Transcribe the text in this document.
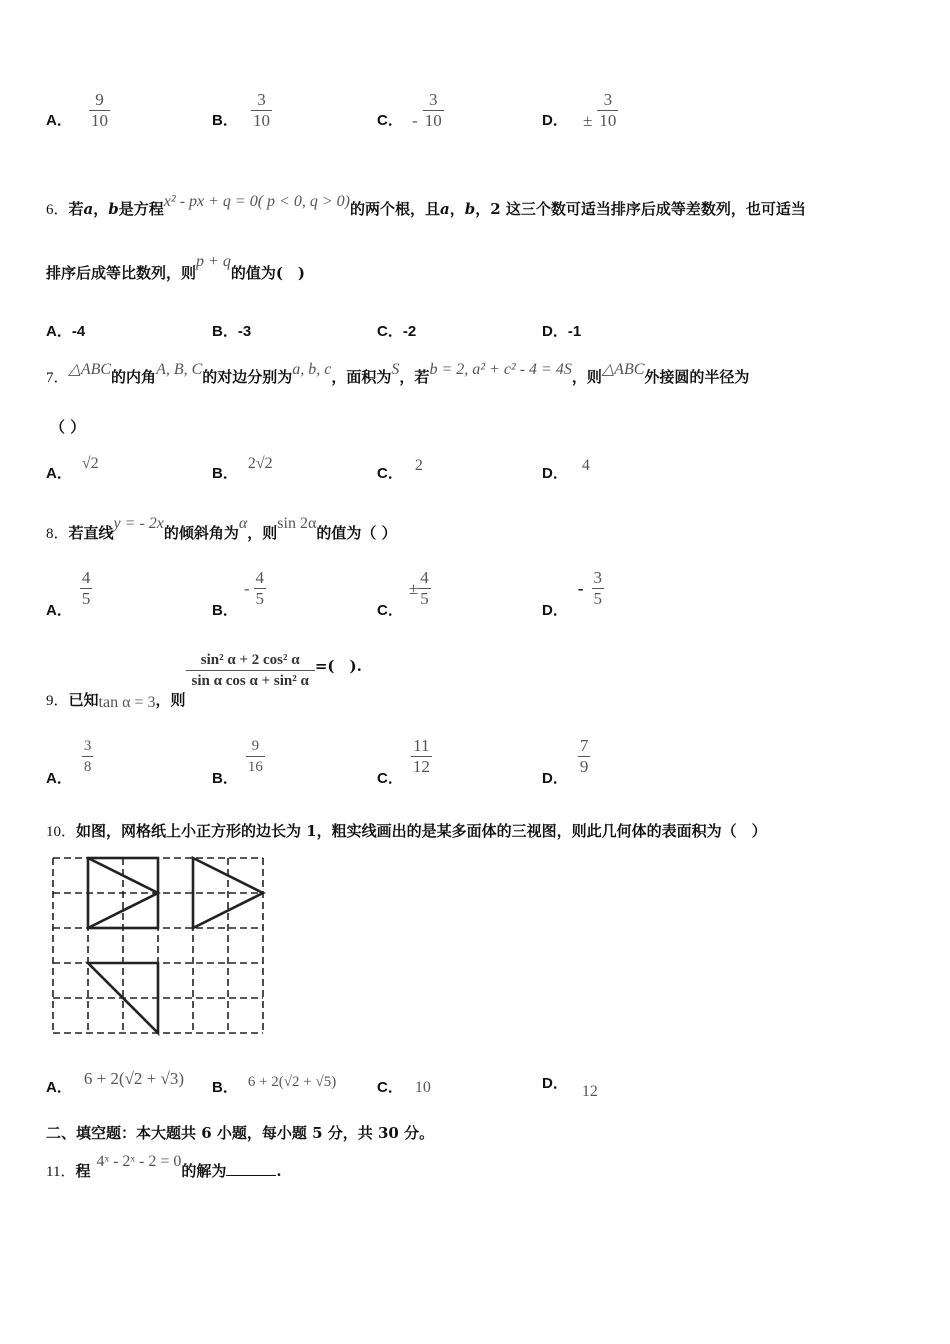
A． $\frac{9}{10}$	B． $\frac{3}{10}$	C． - $\frac{3}{10}$	D． ± $\frac{3}{10}$
6．若a，b是方程x² - px + q = 0( p < 0, q > 0)的两个根，且a，b，2 这三个数可适当排序后成等差数列，也可适当
排序后成等比数列，则p + q的值为(　)
A．-4	B．-3	C．-2	D．-1
7．△ABC的内角A, B, C的对边分别为a, b, c，面积为S，若b = 2, a² + c² - 4 = 4S，则△ABC外接圆的半径为
（ ）
A．√2
B．2√2
C． 2	D． 4
8．若直线y = - 2x的倾斜角为α，则sin 2α的值为（ ）
A．
$\frac{4}{5}$
B．- $\frac{4}{5}$
C．± $\frac{4}{5}$
D．- $\frac{3}{5}$
9．已知tan α = 3，则
$\frac{\text{sin² α + 2 cos² α}}{\text{sin α cos α + sin² α}}$ =(　).
A．
$\frac{3}{8}$
B．
$\frac{9}{16}$
C．
$\frac{11}{12}$
D．
$\frac{7}{9}$
10．如图，网格纸上小正方形的边长为 1，粗实线画出的是某多面体的三视图，则此几何体的表面积为（　）
A． 6 + 2(√2 + √3) B． 6 + 2(√2 + √5)	C． 10	D． 12
二、填空题：本大题共 6 小题，每小题 5 分，共 30 分。
11．程4ˣ - 2ˣ - 2 = 0的解为	.
